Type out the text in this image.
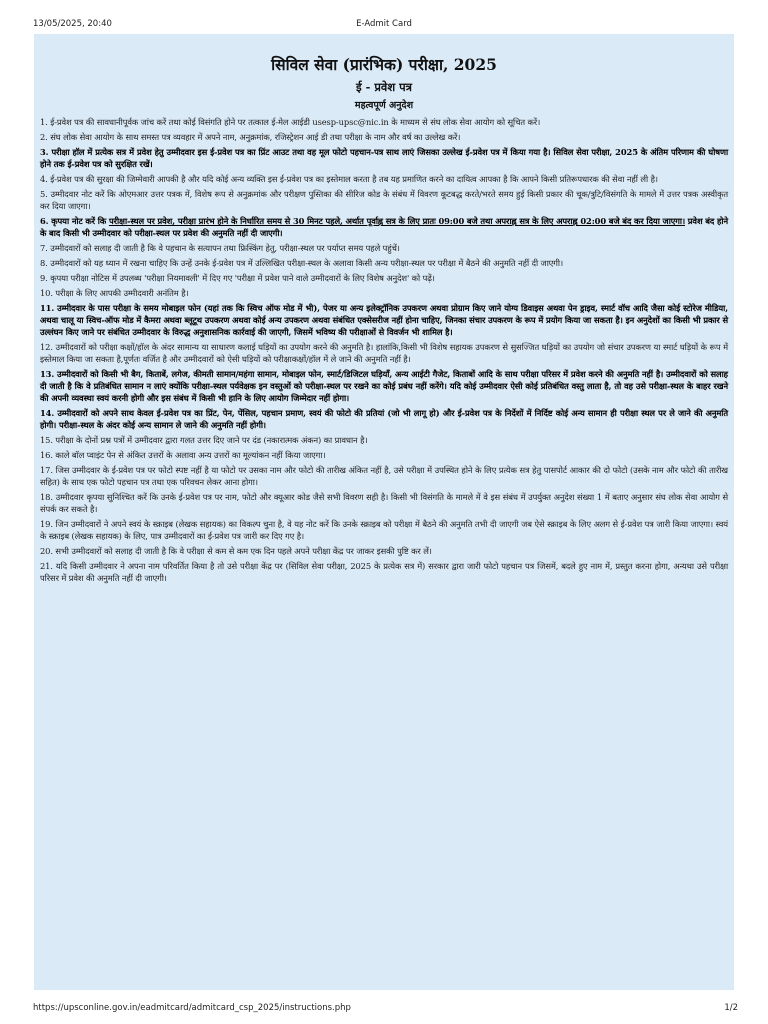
13/05/2025, 20:40	E-Admit Card
सिविल सेवा (प्रारंभिक) परीक्षा, 2025
ई - प्रवेश पत्र
महत्वपूर्ण अनुदेश
1. ई-प्रवेश पत्र की सावधानीपूर्वक जांच करें तथा कोई विसंगति होने पर तत्काल ई-मेल आईडी usesp-upsc@nic.in के माध्यम से संघ लोक सेवा आयोग को सूचित करें।
2. संघ लोक सेवा आयोग के साथ समस्त पत्र व्यवहार में अपने नाम, अनुक्रमांक, रजिस्ट्रेशन आई डी तथा परीक्षा के नाम और वर्ष का उल्लेख करें।
3. परीक्षा हॉल में प्रत्येक सत्र में प्रवेश हेतु उम्मीदवार इस ई-प्रवेश पत्र का प्रिंट आउट तथा वह मूल फोटो पहचान-पत्र साथ लाएं जिसका उल्लेख ई-प्रवेश पत्र में किया गया है। सिविल सेवा परीक्षा, 2025 के अंतिम परिणाम की घोषणा होने तक ई-प्रवेश पत्र को सुरक्षित रखें।
4. ई-प्रवेश पत्र की सुरक्षा की जिम्मेवारी आपकी है और यदि कोई अन्य व्यक्ति इस ई-प्रवेश पत्र का इस्तेमाल करता है तब यह प्रमाणित करने का दायित्व आपका है कि आपने किसी प्रतिरूपधारक की सेवा नहीं ली है।
5. उम्मीदवार नोट करें कि ओएमआर उत्तर पत्रक में, विशेष रूप से अनुक्रमांक और परीक्षण पुस्तिका की सीरिज कोड के संबंध में विवरण कूटबद्ध करते/भरते समय हुई किसी प्रकार की चूक/त्रुटि/विसंगति के मामले में उत्तर पत्रक अस्वीकृत कर दिया जाएगा।
6. कृपया नोट करें कि परीक्षा-स्थल पर प्रवेश, परीक्षा प्रारंभ होने के निर्धारित समय से 30 मिनट पहले, अर्थात पूर्वाह्न सत्र के लिए प्रातः 09:00 बजे तथा अपराह्न सत्र के लिए अपराह्न 02:00 बजे बंद कर दिया जाएगा। प्रवेश बंद होने के बाद किसी भी उम्मीदवार को परीक्षा-स्थल पर प्रवेश की अनुमति नहीं दी जाएगी।
7. उम्मीदवारों को सलाह दी जाती है कि वे पहचान के सत्यापन तथा फ्रिस्किंग हेतु, परीक्षा-स्थल पर पर्याप्त समय पहले पहुंचें।
8. उम्मीदवारों को यह ध्यान में रखना चाहिए कि उन्हें उनके ई-प्रवेश पत्र में उल्लिखित परीक्षा-स्थल के अलावा किसी अन्य परीक्षा-स्थल पर परीक्षा में बैठने की अनुमति नहीं दी जाएगी।
9. कृपया परीक्षा नोटिस में उपलब्ध 'परीक्षा नियमावली' में दिए गए 'परीक्षा में प्रवेश पाने वाले उम्मीदवारों के लिए विशेष अनुदेश' को पढ़ें।
10. परीक्षा के लिए आपकी उम्मीदवारी अनंतिम है।
11. उम्मीदवार के पास परीक्षा के समय मोबाइल फोन (यहां तक कि स्विच ऑफ मोड में भी), पेजर या अन्य इलेक्ट्रॉनिक उपकरण अथवा प्रोग्राम किए जाने योग्य डिवाइस अथवा पेन ड्राइव, स्मार्ट वॉच आदि जैसा कोई स्टोरेज मीडिया, अथवा चालू या स्विच-ऑफ मोड में कैमरा अथवा ब्लूटूथ उपकरण अथवा कोई अन्य उपकरण अथवा संबंधित एक्सेसरीज नहीं होना चाहिए, जिनका संचार उपकरण के रूप में प्रयोग किया जा सकता है। इन अनुदेशों का किसी भी प्रकार से उल्लंघन किए जाने पर संबंधित उम्मीदवार के विरुद्ध अनुशासनिक कार्रवाई की जाएगी, जिसमें भविष्य की परीक्षाओं से विवर्जन भी शामिल है।
12. उम्मीदवारों को परीक्षा कक्षों/हॉल के अंदर सामान्य या साधारण कलाई घड़ियों का उपयोग करने की अनुमति है। हालांकि,किसी भी विशेष सहायक उपकरण से सुसज्जित घड़ियों का उपयोग जो संचार उपकरण या स्मार्ट घड़ियों के रूप में इस्तेमाल किया जा सकता है,पूर्णतः वर्जित है और उम्मीदवारों को ऐसी घड़ियों को परीक्षाकक्षों/हॉल में ले जाने की अनुमति नहीं है।
13. उम्मीदवारों को किसी भी बैग, किताबें, लगेज, कीमती सामान/महंगा सामान, मोबाइल फोन, स्मार्ट/डिजिटल घड़ियाँ, अन्य आईटी गैजेट, किताबों आदि के साथ परीक्षा परिसर में प्रवेश करने की अनुमति नहीं है। उम्मीदवारों को सलाह दी जाती है कि वे प्रतिबंधित सामान न लाएं क्योंकि परीक्षा-स्थल पर्यवेक्षक इन वस्तुओं को परीक्षा-स्थल पर रखने का कोई प्रबंध नहीं करेंगे। यदि कोई उम्मीदवार ऐसी कोई प्रतिबंधित वस्तु लाता है, तो वह उसे परीक्षा-स्थल के बाहर रखने की अपनी व्यवस्था स्वयं करनी होगी और इस संबंध में किसी भी हानि के लिए आयोग जिम्मेदार नहीं होगा।
14. उम्मीदवारों को अपने साथ केवल ई-प्रवेश पत्र का प्रिंट, पेन, पेंसिल, पहचान प्रमाण, स्वयं की फोटो की प्रतियां (जो भी लागू हो) और ई-प्रवेश पत्र के निर्देशों में निर्दिष्ट कोई अन्य सामान ही परीक्षा स्थल पर ले जाने की अनुमति होगी। परीक्षा-स्थल के अंदर कोई अन्य सामान ले जाने की अनुमति नहीं होगी।
15. परीक्षा के दोनों प्रश्न पत्रों में उम्मीदवार द्वारा गलत उत्तर दिए जाने पर दंड (नकारात्मक अंकन) का प्रावधान है।
16. काले बॉल प्वाइंट पेन से अंकित उत्तरों के अलावा अन्य उत्तरों का मूल्यांकन नहीं किया जाएगा।
17. जिस उम्मीदवार के ई-प्रवेश पत्र पर फोटो स्पष्ट नहीं है या फोटो पर उसका नाम और फोटो की तारीख अंकित नहीं है, उसे परीक्षा में उपस्थित होने के लिए प्रत्येक सत्र हेतु पासपोर्ट आकार की दो फोटो (उसके नाम और फोटो की तारीख सहित) के साथ एक फोटो पहचान पत्र तथा एक परिवचन लेकर आना होगा।
18. उम्मीदवार कृपया सुनिश्चित करें कि उनके ई-प्रवेश पत्र पर नाम, फोटो और क्यूआर कोड जैसे सभी विवरण सही है। किसी भी विसंगति के मामले में वे इस संबंध में उपर्युक्त अनुदेश संख्या 1 में बताए अनुसार संघ लोक सेवा आयोग से संपर्क कर सकते है।
19. जिन उम्मीदवारों ने अपने स्वयं के स्क्राइब (लेखक सहायक) का विकल्प चुना है, वे यह नोट करें कि उनके स्क्राइब को परीक्षा में बैठने की अनुमति तभी दी जाएगी जब ऐसे स्क्राइब के लिए अलग से ई-प्रवेश पत्र जारी किया जाएगा। स्वयं के स्क्राइब (लेखक सहायक) के लिए, पात्र उम्मीदवारों का ई-प्रवेश पत्र जारी कर दिए गए है।
20. सभी उम्मीदवारों को सलाह दी जाती है कि वे परीक्षा से कम से कम एक दिन पहले अपने परीक्षा केंद्र पर जाकर इसकी पुष्टि कर लें।
21. यदि किसी उम्मीदवार ने अपना नाम परिवर्तित किया है तो उसे परीक्षा केंद्र पर (सिविल सेवा परीक्षा, 2025 के प्रत्येक सत्र में) सरकार द्वारा जारी फोटो पहचान पत्र जिसमें, बदले हुए नाम में, प्रस्तुत करना होगा, अन्यथा उसे परीक्षा परिसर में प्रवेश की अनुमति नहीं दी जाएगी।
https://upsconline.gov.in/eadmitcard/admitcard_csp_2025/instructions.php	1/2
